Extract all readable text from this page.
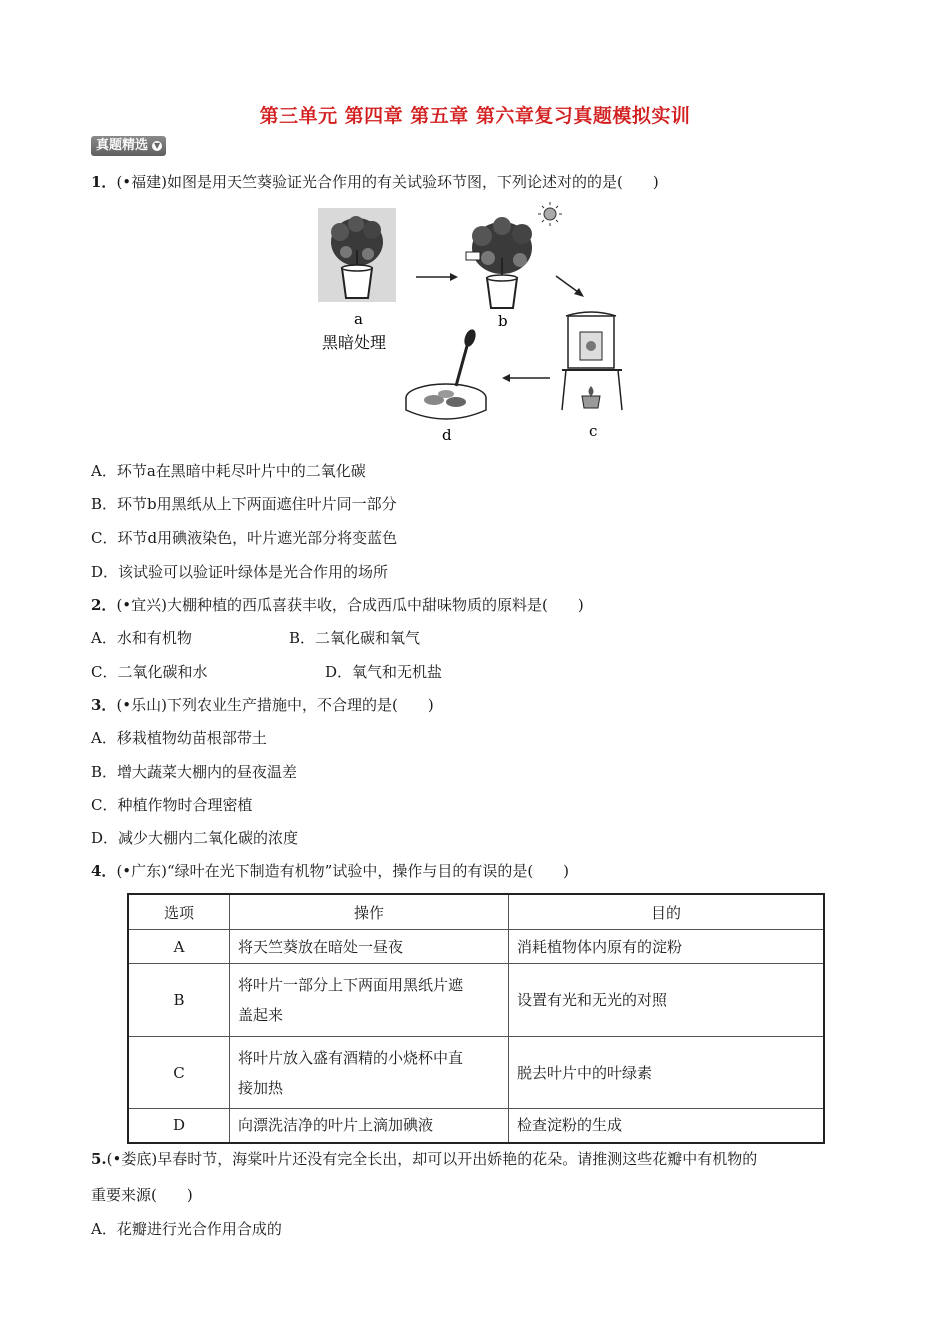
第三单元 第四章 第五章 第六章复习真题模拟实训
真题精选 ▼
1．(•福建)如图是用天竺葵验证光合作用的有关试验环节图，下列论述对的的是(　　)
a
黑暗处理
b
c
d
A．环节a在黑暗中耗尽叶片中的二氧化碳
B．环节b用黑纸从上下两面遮住叶片同一部分
C．环节d用碘液染色，叶片遮光部分将变蓝色
D．该试验可以验证叶绿体是光合作用的场所
2．(•宜兴)大棚种植的西瓜喜获丰收，合成西瓜中甜味物质的原料是(　　)
A．水和有机物	B．二氧化碳和氧气
C．二氧化碳和水	D．氧气和无机盐
3．(•乐山)下列农业生产措施中，不合理的是(　　)
A．移栽植物幼苗根部带土
B．增大蔬菜大棚内的昼夜温差
C．种植作物时合理密植
D．减少大棚内二氧化碳的浓度
4．(•广东)“绿叶在光下制造有机物”试验中，操作与目的有误的是(　　)
选项	操作	目的
A	将天竺葵放在暗处一昼夜	消耗植物体内原有的淀粉
B	将叶片一部分上下两面用黑纸片遮
盖起来	设置有光和无光的对照
C	将叶片放入盛有酒精的小烧杯中直
接加热	脱去叶片中的叶绿素
D	向漂洗洁净的叶片上滴加碘液	检查淀粉的生成
5.(•娄底)早春时节，海棠叶片还没有完全长出，却可以开出娇艳的花朵。请推测这些花瓣中有机物的
重要来源(　　)
A．花瓣进行光合作用合成的
